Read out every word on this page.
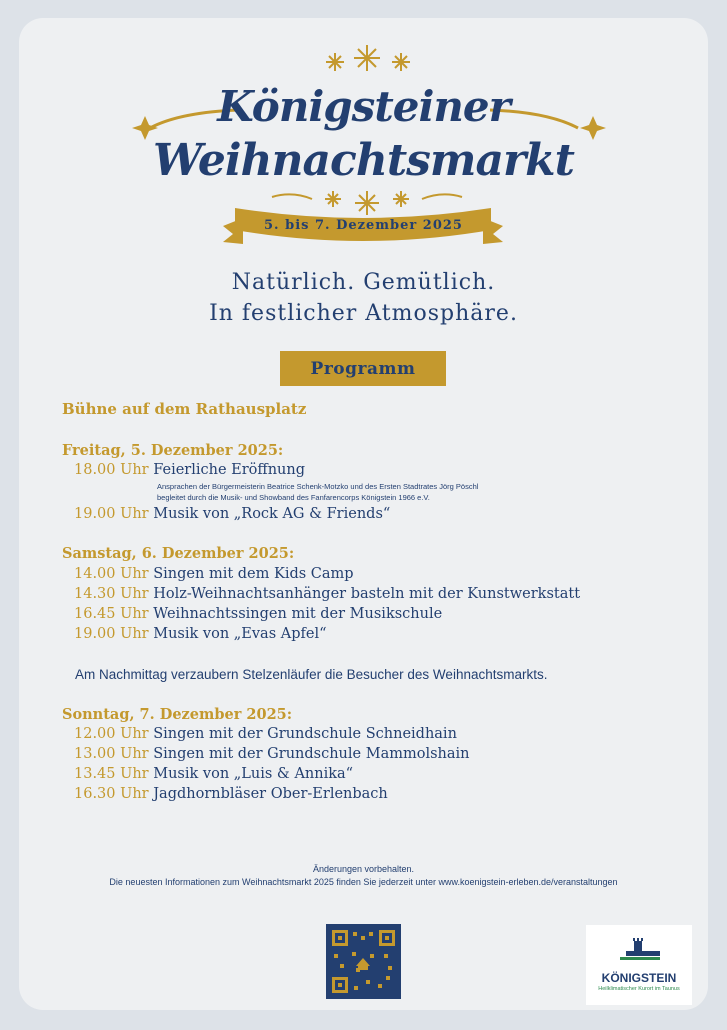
Königsteiner
Weihnachtsmarkt
5. bis 7. Dezember 2025
Natürlich. Gemütlich.
In festlicher Atmosphäre.
Programm
Bühne auf dem Rathausplatz
Freitag, 5. Dezember 2025:
18.00 Uhr Feierliche Eröffnung
Ansprachen der Bürgermeisterin Beatrice Schenk-Motzko und des Ersten Stadtrates Jörg Pöschl
begleitet durch die Musik- und Showband des Fanfarencorps Königstein 1966 e.V.
19.00 Uhr Musik von „Rock AG & Friends“
Samstag, 6. Dezember 2025:
14.00 Uhr Singen mit dem Kids Camp
14.30 Uhr Holz-Weihnachtsanhänger basteln mit der Kunstwerkstatt
16.45 Uhr Weihnachtssingen mit der Musikschule
19.00 Uhr Musik von „Evas Apfel“
Am Nachmittag verzaubern Stelzenläufer die Besucher des Weihnachtsmarkts.
Sonntag, 7. Dezember 2025:
12.00 Uhr Singen mit der Grundschule Schneidhain
13.00 Uhr Singen mit der Grundschule Mammolshain
13.45 Uhr Musik von „Luis & Annika“
16.30 Uhr Jagdhornbläser Ober-Erlenbach
Änderungen vorbehalten.
Die neuesten Informationen zum Weihnachtsmarkt 2025 finden Sie jederzeit unter www.koenigstein-erleben.de/veranstaltungen
KÖNIGSTEIN
Heilklimatischer Kurort im Taunus
